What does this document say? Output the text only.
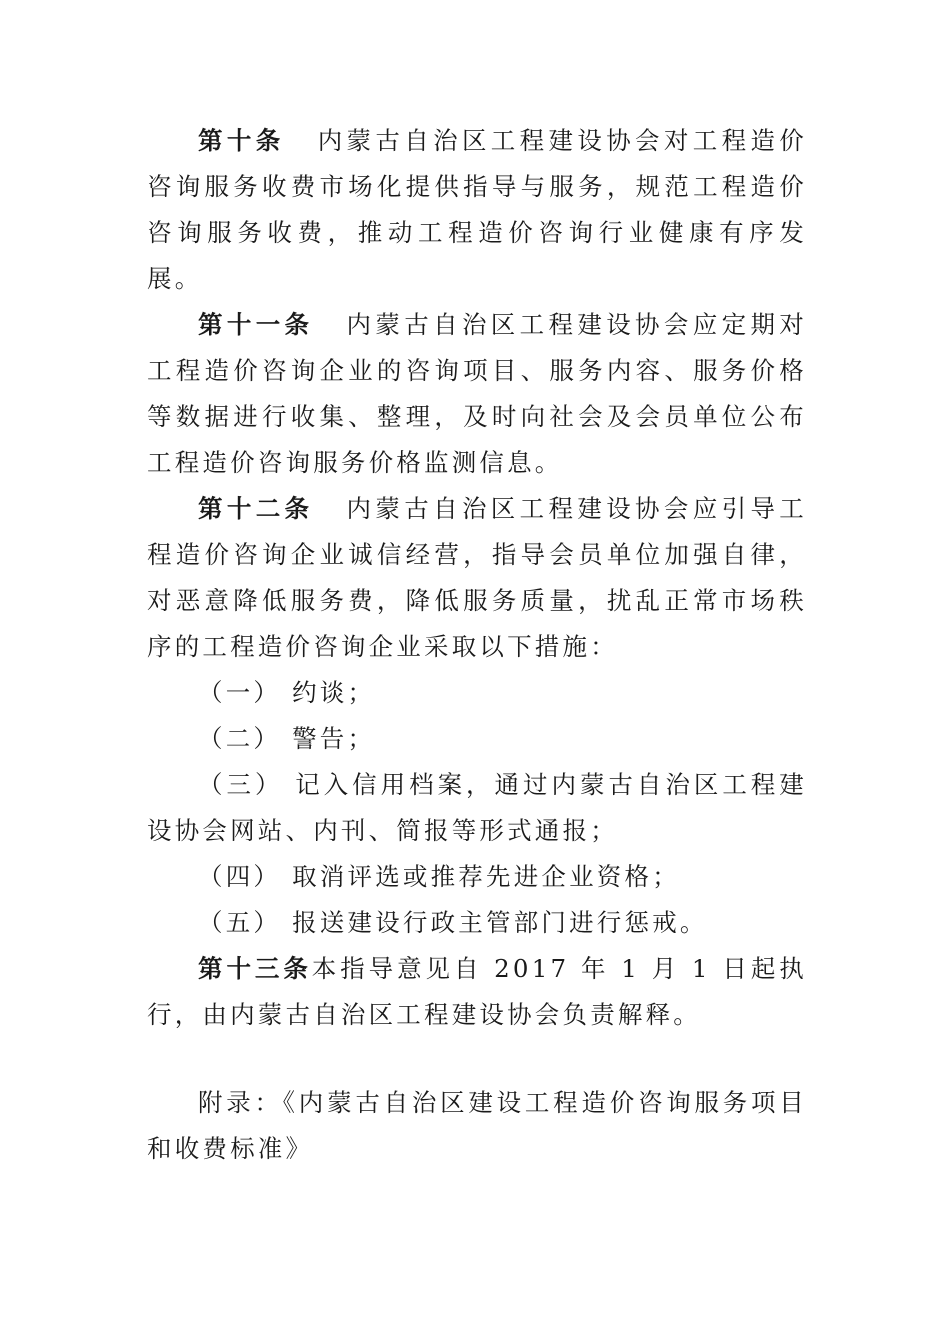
第十条 内蒙古自治区工程建设协会对工程造价咨询服务收费市场化提供指导与服务，规范工程造价咨询服务收费，推动工程造价咨询行业健康有序发展。

第十一条 内蒙古自治区工程建设协会应定期对工程造价咨询企业的咨询项目、服务内容、服务价格等数据进行收集、整理，及时向社会及会员单位公布工程造价咨询服务价格监测信息。

第十二条 内蒙古自治区工程建设协会应引导工程造价咨询企业诚信经营，指导会员单位加强自律，对恶意降低服务费，降低服务质量，扰乱正常市场秩序的工程造价咨询企业采取以下措施：

（一） 约谈；

（二） 警告；

（三） 记入信用档案，通过内蒙古自治区工程建设协会网站、内刊、简报等形式通报；

（四） 取消评选或推荐先进企业资格；

（五） 报送建设行政主管部门进行惩戒。

第十三条本指导意见自 2017 年 1 月 1 日起执行，由内蒙古自治区工程建设协会负责解释。

附录：《内蒙古自治区建设工程造价咨询服务项目和收费标准》
